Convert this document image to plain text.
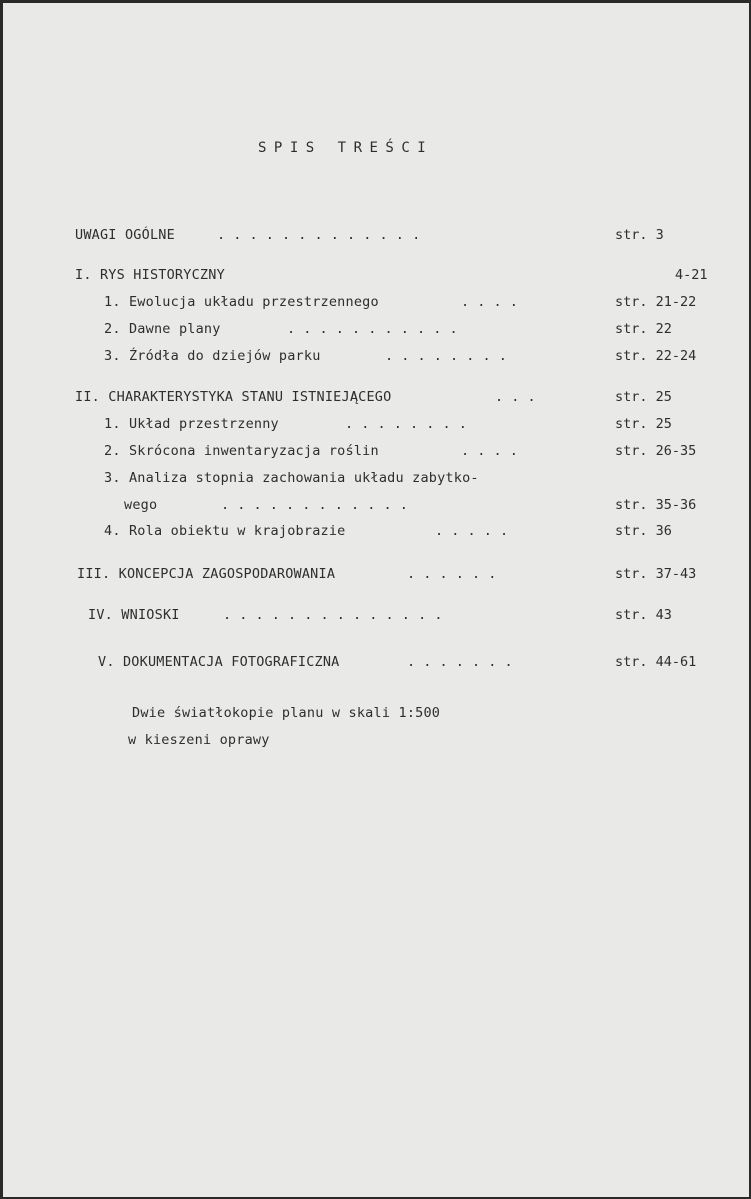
SPIS TREŚCI
UWAGI OGÓLNE	. . . . . . . . . . . . .	str. 3
I. RYS HISTORYCZNY	4-21
1. Ewolucja układu przestrzennego	. . . .	str. 21-22
2. Dawne plany	. . . . . . . . . . .	str. 22
3. Źródła do dziejów parku	. . . . . . . .	str. 22-24
II. CHARAKTERYSTYKA STANU ISTNIEJĄCEGO	. . .	str. 25
1. Układ przestrzenny	. . . . . . . .	str. 25
2. Skrócona inwentaryzacja roślin	. . . .	str. 26-35
3. Analiza stopnia zachowania układu zabytko-
wego	. . . . . . . . . . . .	str. 35-36
4. Rola obiektu w krajobrazie	. . . . .	str. 36
III. KONCEPCJA ZAGOSPODAROWANIA	. . . . . .	str. 37-43
IV. WNIOSKI	. . . . . . . . . . . . . .	str. 43
V. DOKUMENTACJA FOTOGRAFICZNA	. . . . . . .	str. 44-61
Dwie światłokopie planu w skali 1:500
w kieszeni oprawy
